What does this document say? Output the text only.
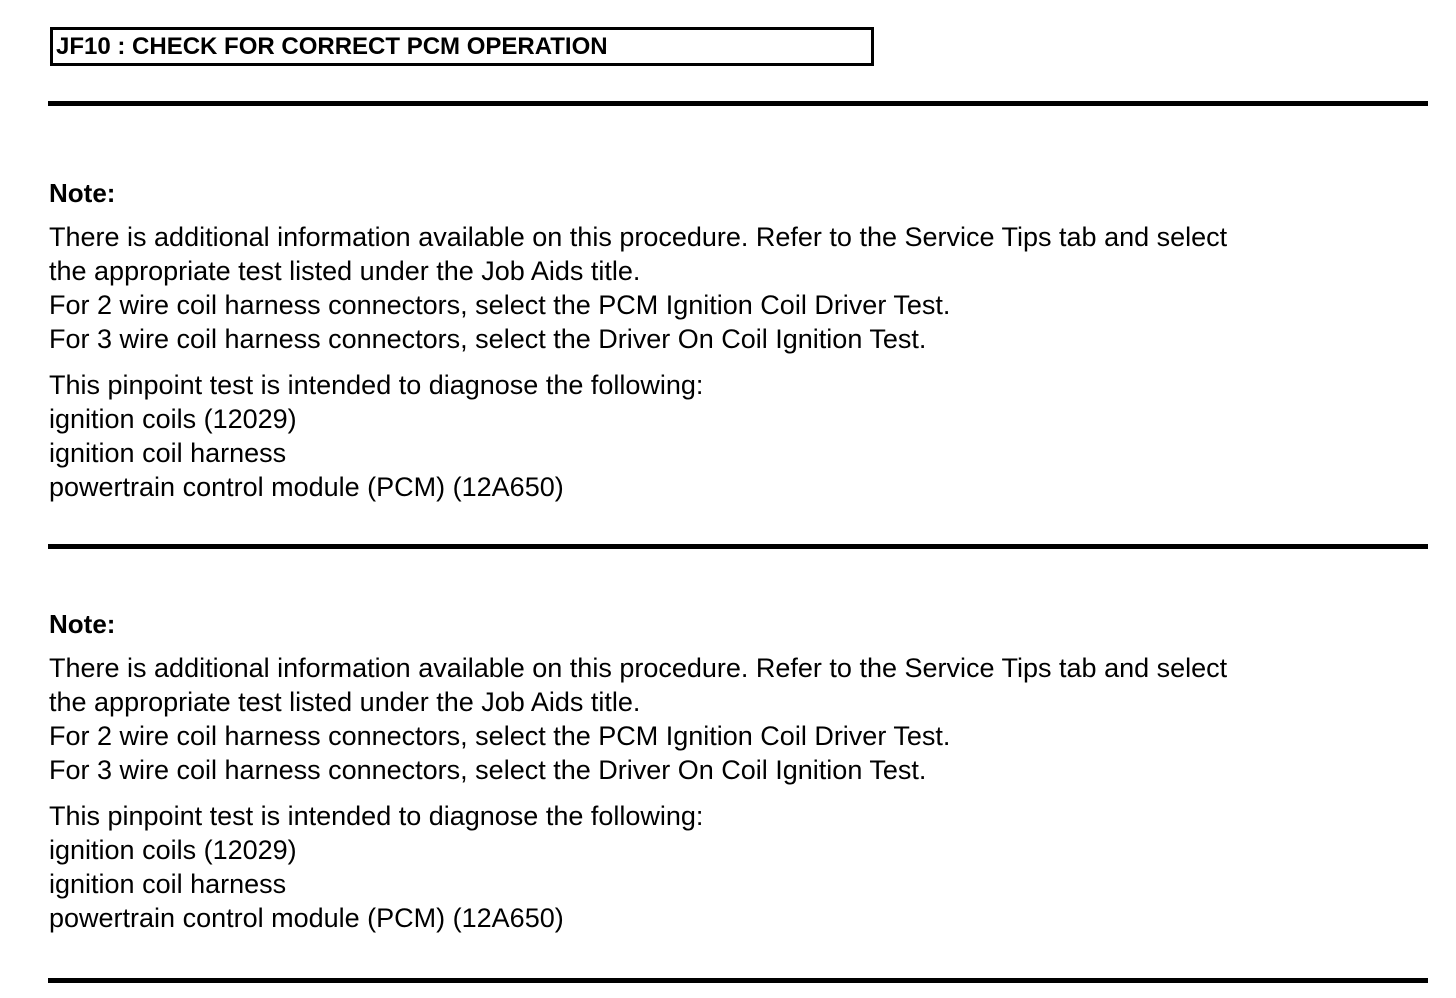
JF10 : CHECK FOR CORRECT PCM OPERATION
Note:
There is additional information available on this procedure. Refer to the Service Tips tab and select
the appropriate test listed under the Job Aids title.
For 2 wire coil harness connectors, select the PCM Ignition Coil Driver Test.
For 3 wire coil harness connectors, select the Driver On Coil Ignition Test.
This pinpoint test is intended to diagnose the following:
ignition coils (12029)
ignition coil harness
powertrain control module (PCM) (12A650)
Note:
There is additional information available on this procedure. Refer to the Service Tips tab and select
the appropriate test listed under the Job Aids title.
For 2 wire coil harness connectors, select the PCM Ignition Coil Driver Test.
For 3 wire coil harness connectors, select the Driver On Coil Ignition Test.
This pinpoint test is intended to diagnose the following:
ignition coils (12029)
ignition coil harness
powertrain control module (PCM) (12A650)
